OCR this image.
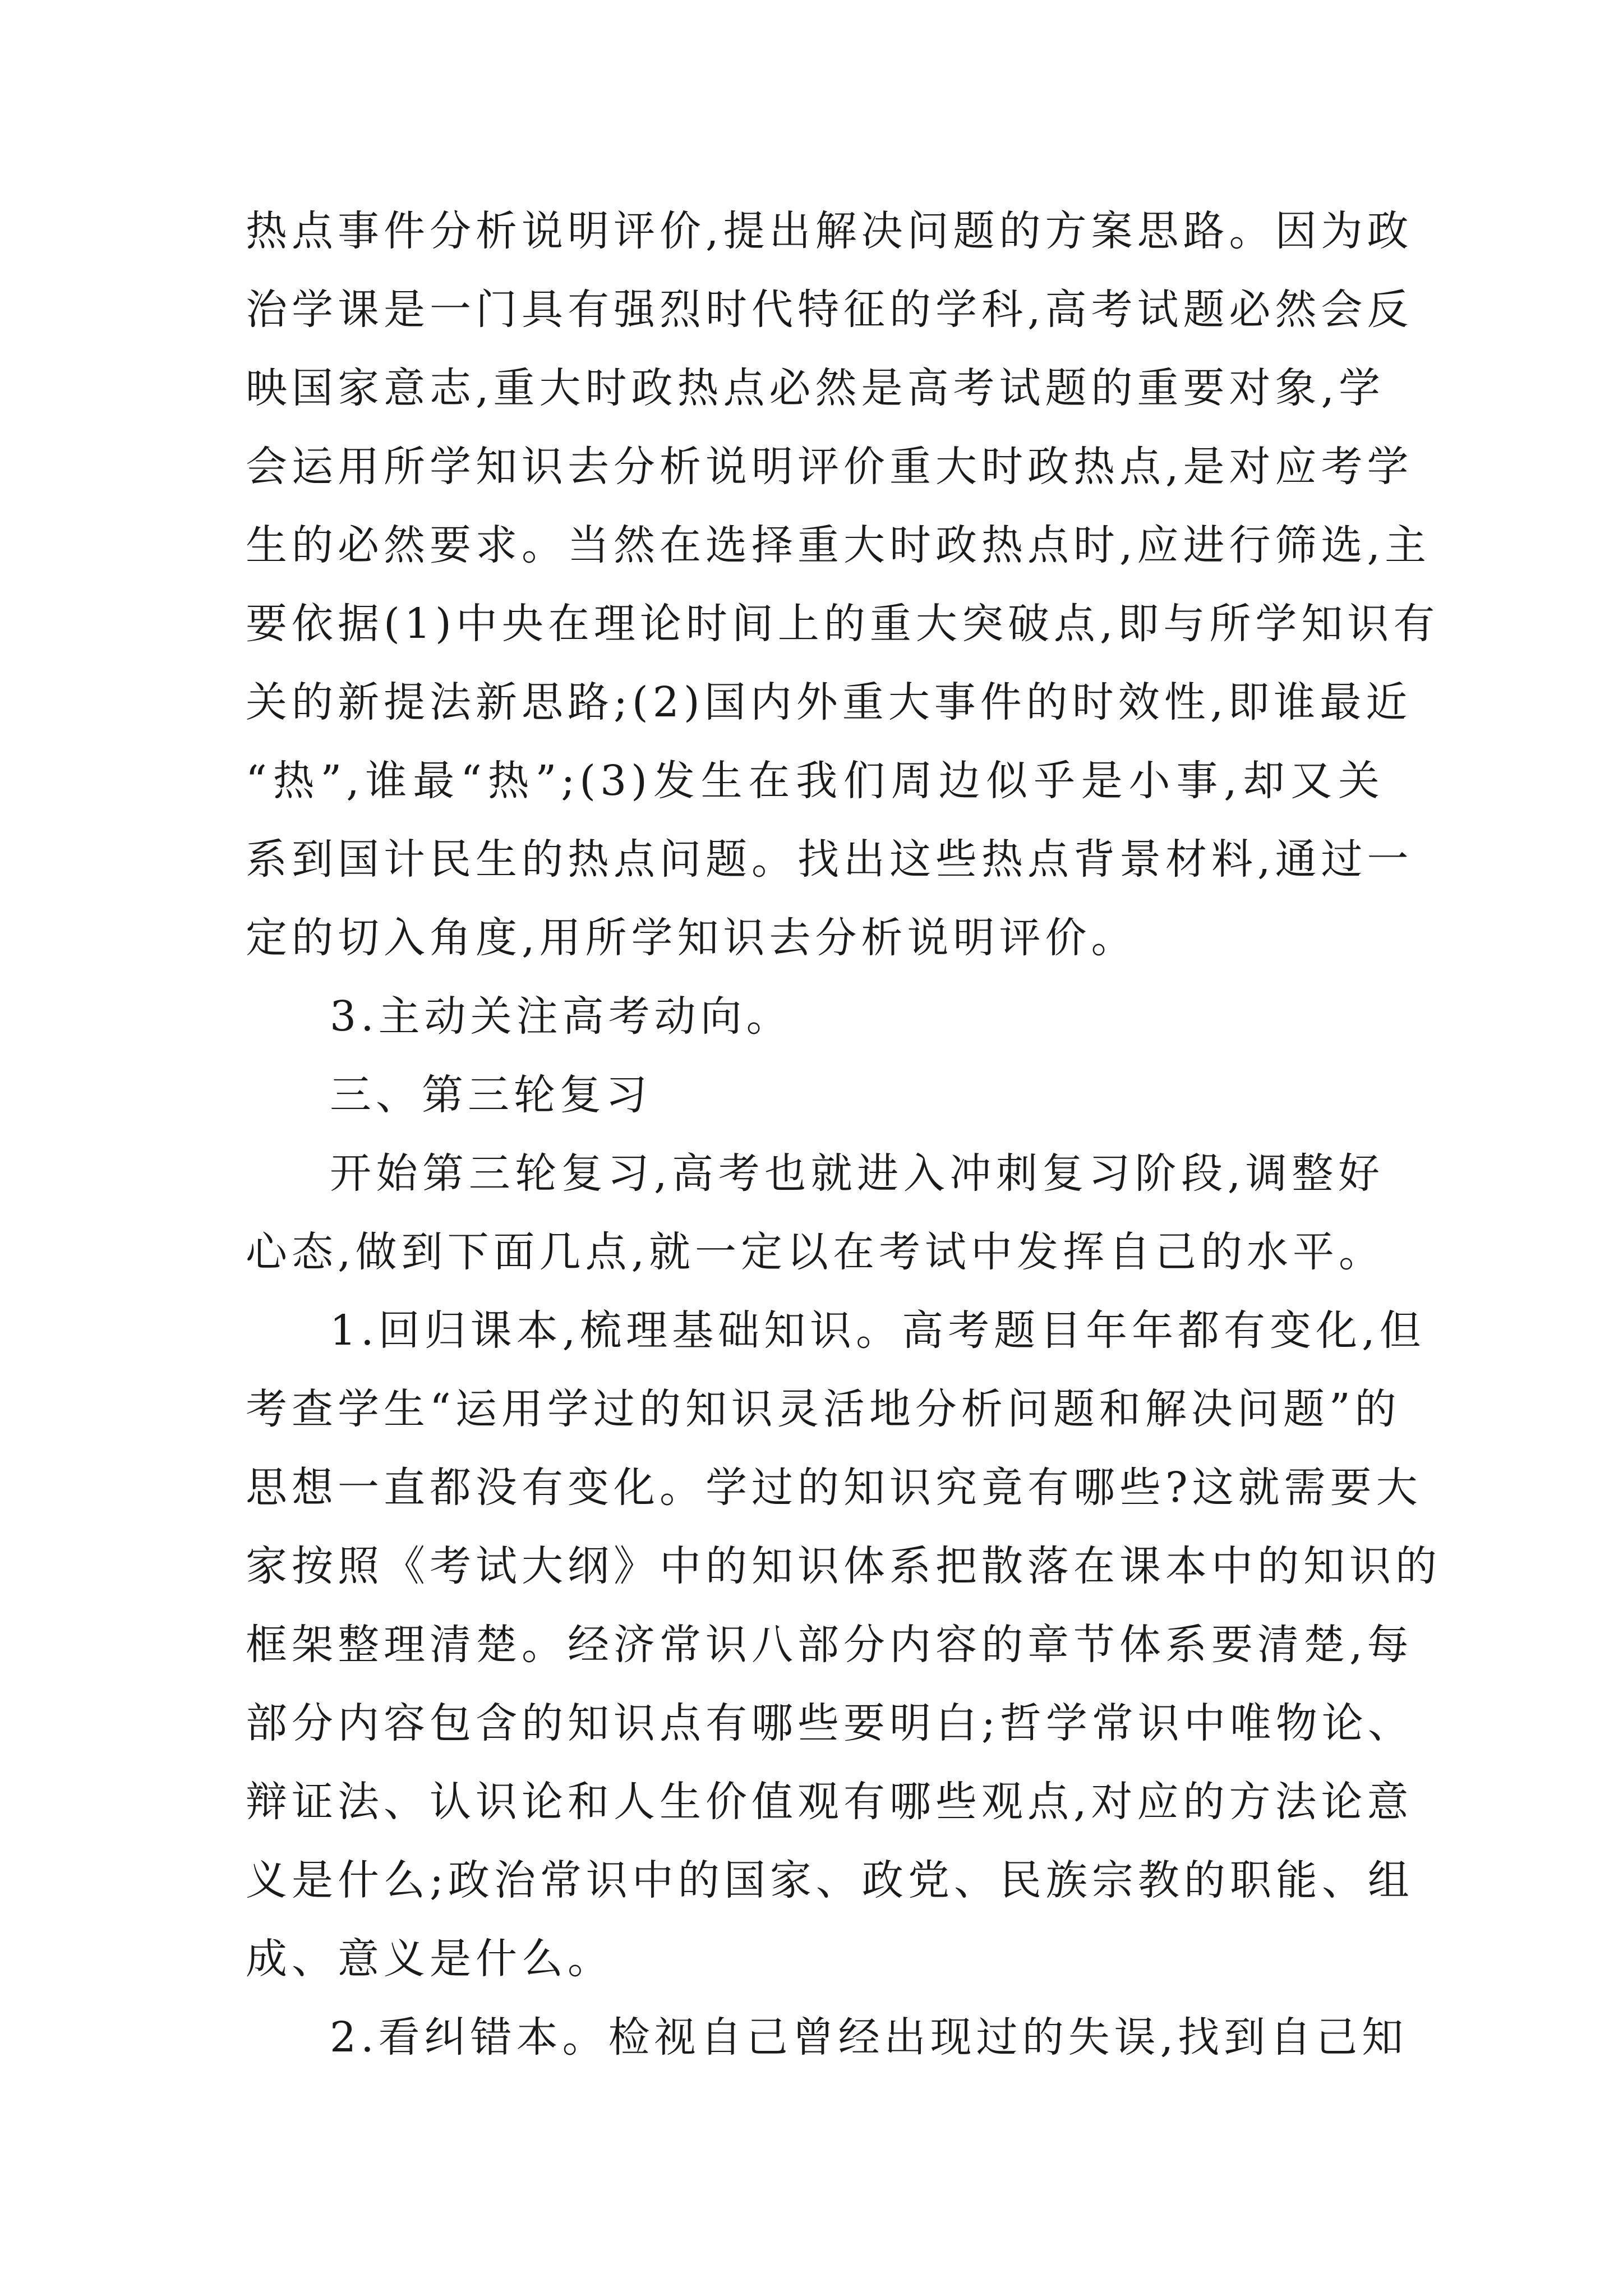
热点事件分析说明评价,提出解决问题的方案思路。因为政
治学课是一门具有强烈时代特征的学科,高考试题必然会反
映国家意志,重大时政热点必然是高考试题的重要对象,学
会运用所学知识去分析说明评价重大时政热点,是对应考学
生的必然要求。当然在选择重大时政热点时,应进行筛选,主
要依据(1)中央在理论时间上的重大突破点,即与所学知识有
关的新提法新思路;(2)国内外重大事件的时效性,即谁最近
“热”,谁最“热”;(3)发生在我们周边似乎是小事,却又关
系到国计民生的热点问题。找出这些热点背景材料,通过一
定的切入角度,用所学知识去分析说明评价。
3.主动关注高考动向。
三、第三轮复习
开始第三轮复习,高考也就进入冲刺复习阶段,调整好
心态,做到下面几点,就一定以在考试中发挥自己的水平。
1.回归课本,梳理基础知识。高考题目年年都有变化,但
考查学生“运用学过的知识灵活地分析问题和解决问题”的
思想一直都没有变化。学过的知识究竟有哪些?这就需要大
家按照《考试大纲》中的知识体系把散落在课本中的知识的
框架整理清楚。经济常识八部分内容的章节体系要清楚,每
部分内容包含的知识点有哪些要明白;哲学常识中唯物论、
辩证法、认识论和人生价值观有哪些观点,对应的方法论意
义是什么;政治常识中的国家、政党、民族宗教的职能、组
成、意义是什么。
2.看纠错本。检视自己曾经出现过的失误,找到自己知
